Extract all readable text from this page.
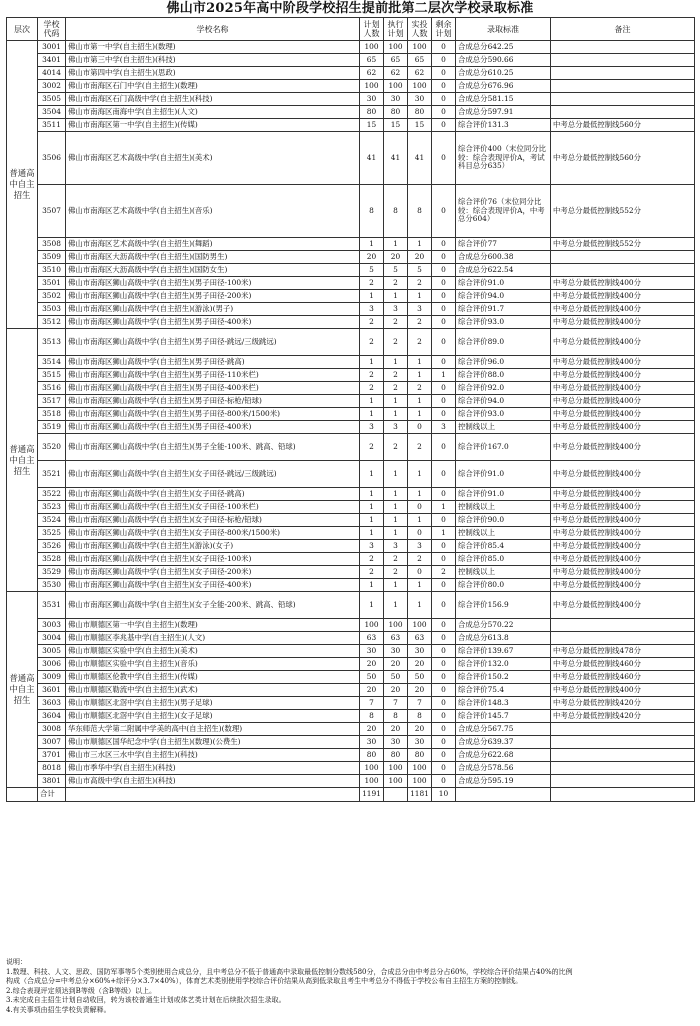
佛山市2025年高中阶段学校招生提前批第二层次学校录取标准
层次	学校代码	学校名称	计划人数	执行计划	实投人数	剩余计划	录取标准	备注
普通高中自主招生	3001	佛山市第一中学(自主招生)(数理)	100	100	100	0	合成总分642.25	
	3401	佛山市第三中学(自主招生)(科技)	65	65	65	0	合成总分590.66	
	4014	佛山市第四中学(自主招生)(思政)	62	62	62	0	合成总分610.25	
	3002	佛山市南海区石门中学(自主招生)(数理)	100	100	100	0	合成总分676.96	
	3505	佛山市南海区石门高级中学(自主招生)(科技)	30	30	30	0	合成总分581.15	
	3504	佛山市南海区南海中学(自主招生)(人文)	80	80	80	0	合成总分597.91	
	3511	佛山市南海区第一中学(自主招生)(传媒)	15	15	15	0	综合评价131.3	中考总分最低控制线560分
	3506	佛山市南海区艺术高级中学(自主招生)(美术)	41	41	41	0	综合评价400（末位同分比较：综合表现评价A，考试科目总分635）	中考总分最低控制线560分
	3507	佛山市南海区艺术高级中学(自主招生)(音乐)	8	8	8	0	综合评价76（末位同分比较：综合表现评价A，中考总分604）	中考总分最低控制线552分
	3508	佛山市南海区艺术高级中学(自主招生)(舞蹈)	1	1	1	0	综合评价77	中考总分最低控制线552分
	3509	佛山市南海区大沥高级中学(自主招生)(国防男生)	20	20	20	0	合成总分600.38	
	3510	佛山市南海区大沥高级中学(自主招生)(国防女生)	5	5	5	0	合成总分622.54	
	3501	佛山市南海区狮山高级中学(自主招生)(男子田径-100米)	2	2	2	0	综合评价91.0	中考总分最低控制线400分
	3502	佛山市南海区狮山高级中学(自主招生)(男子田径-200米)	1	1	1	0	综合评价94.0	中考总分最低控制线400分
	3503	佛山市南海区狮山高级中学(自主招生)(游泳)(男子)	3	3	3	0	综合评价91.7	中考总分最低控制线400分
	3512	佛山市南海区狮山高级中学(自主招生)(男子田径-400米)	2	2	2	0	综合评价93.0	中考总分最低控制线400分
普通高中自主招生	3513	佛山市南海区狮山高级中学(自主招生)(男子田径-跳远/三级跳远)	2	2	2	0	综合评价89.0	中考总分最低控制线400分
	3514	佛山市南海区狮山高级中学(自主招生)(男子田径-跳高)	1	1	1	0	综合评价96.0	中考总分最低控制线400分
	3515	佛山市南海区狮山高级中学(自主招生)(男子田径-110米栏)	2	2	1	1	综合评价88.0	中考总分最低控制线400分
	3516	佛山市南海区狮山高级中学(自主招生)(男子田径-400米栏)	2	2	2	0	综合评价92.0	中考总分最低控制线400分
	3517	佛山市南海区狮山高级中学(自主招生)(男子田径-标枪/铅球)	1	1	1	0	综合评价94.0	中考总分最低控制线400分
	3518	佛山市南海区狮山高级中学(自主招生)(男子田径-800米/1500米)	1	1	1	0	综合评价93.0	中考总分最低控制线400分
	3519	佛山市南海区狮山高级中学(自主招生)(男子田径-400米)	3	3	0	3	控制线以上	中考总分最低控制线400分
	3520	佛山市南海区狮山高级中学(自主招生)(男子全能-100米、跳高、铅球)	2	2	2	0	综合评价167.0	中考总分最低控制线400分
	3521	佛山市南海区狮山高级中学(自主招生)(女子田径-跳远/三级跳远)	1	1	1	0	综合评价91.0	中考总分最低控制线400分
	3522	佛山市南海区狮山高级中学(自主招生)(女子田径-跳高)	1	1	1	0	综合评价91.0	中考总分最低控制线400分
	3523	佛山市南海区狮山高级中学(自主招生)(女子田径-100米栏)	1	1	0	1	控制线以上	中考总分最低控制线400分
	3524	佛山市南海区狮山高级中学(自主招生)(女子田径-标枪/铅球)	1	1	1	0	综合评价90.0	中考总分最低控制线400分
	3525	佛山市南海区狮山高级中学(自主招生)(女子田径-800米/1500米)	1	1	0	1	控制线以上	中考总分最低控制线400分
	3526	佛山市南海区狮山高级中学(自主招生)(游泳)(女子)	3	3	3	0	综合评价85.4	中考总分最低控制线400分
	3528	佛山市南海区狮山高级中学(自主招生)(女子田径-100米)	2	2	2	0	综合评价85.0	中考总分最低控制线400分
	3529	佛山市南海区狮山高级中学(自主招生)(女子田径-200米)	2	2	0	2	控制线以上	中考总分最低控制线400分
	3530	佛山市南海区狮山高级中学(自主招生)(女子田径-400米)	1	1	1	0	综合评价80.0	中考总分最低控制线400分
普通高中自主招生	3531	佛山市南海区狮山高级中学(自主招生)(女子全能-200米、跳高、铅球)	1	1	1	0	综合评价156.9	中考总分最低控制线400分
	3003	佛山市顺德区第一中学(自主招生)(数理)	100	100	100	0	合成总分570.22	
	3004	佛山市顺德区李兆基中学(自主招生)(人文)	63	63	63	0	合成总分613.8	
	3005	佛山市顺德区实验中学(自主招生)(美术)	30	30	30	0	综合评价139.67	中考总分最低控制线478分
	3006	佛山市顺德区实验中学(自主招生)(音乐)	20	20	20	0	综合评价132.0	中考总分最低控制线460分
	3009	佛山市顺德区伦教中学(自主招生)(传媒)	50	50	50	0	综合评价150.2	中考总分最低控制线460分
	3601	佛山市顺德区勒流中学(自主招生)(武术)	20	20	20	0	综合评价75.4	中考总分最低控制线400分
	3603	佛山市顺德区北滘中学(自主招生)(男子足球)	7	7	7	0	综合评价148.3	中考总分最低控制线420分
	3604	佛山市顺德区北滘中学(自主招生)(女子足球)	8	8	8	0	综合评价145.7	中考总分最低控制线420分
	3008	华东师范大学第二附属中学美的高中(自主招生)(数理)	20	20	20	0	合成总分567.75	
	3007	佛山市顺德区国华纪念中学(自主招生)(数理)(公费生)	30	30	30	0	合成总分639.37	
	3701	佛山市三水区三水中学(自主招生)(科技)	80	80	80	0	合成总分622.68	
	8018	佛山市季华中学(自主招生)(科技)	100	100	100	0	合成总分578.56	
	3801	佛山市高级中学(自主招生)(科技)	100	100	100	0	合成总分595.19	
	合计		1191		1181	10		
说明：
1.数理、科技、人文、思政、国防军事等5个类别使用合成总分，且中考总分不低于普通高中录取最低控制分数线580分，合成总分由中考总分占60%，学校综合评价结果占40%的比例
构成（合成总分=中考总分×60%+综评分×3.7×40%），体育艺术类别使用学校综合评价结果从高到低录取且考生中考总分不得低于学校公布自主招生方案的控制线。
2.综合表现评定须达到B等级（含B等级）以上。
3.未完成自主招生计划自动收回，转为该校普通生计划或体艺类计划在后续批次招生录取。
4.有关事项由招生学校负责解释。
